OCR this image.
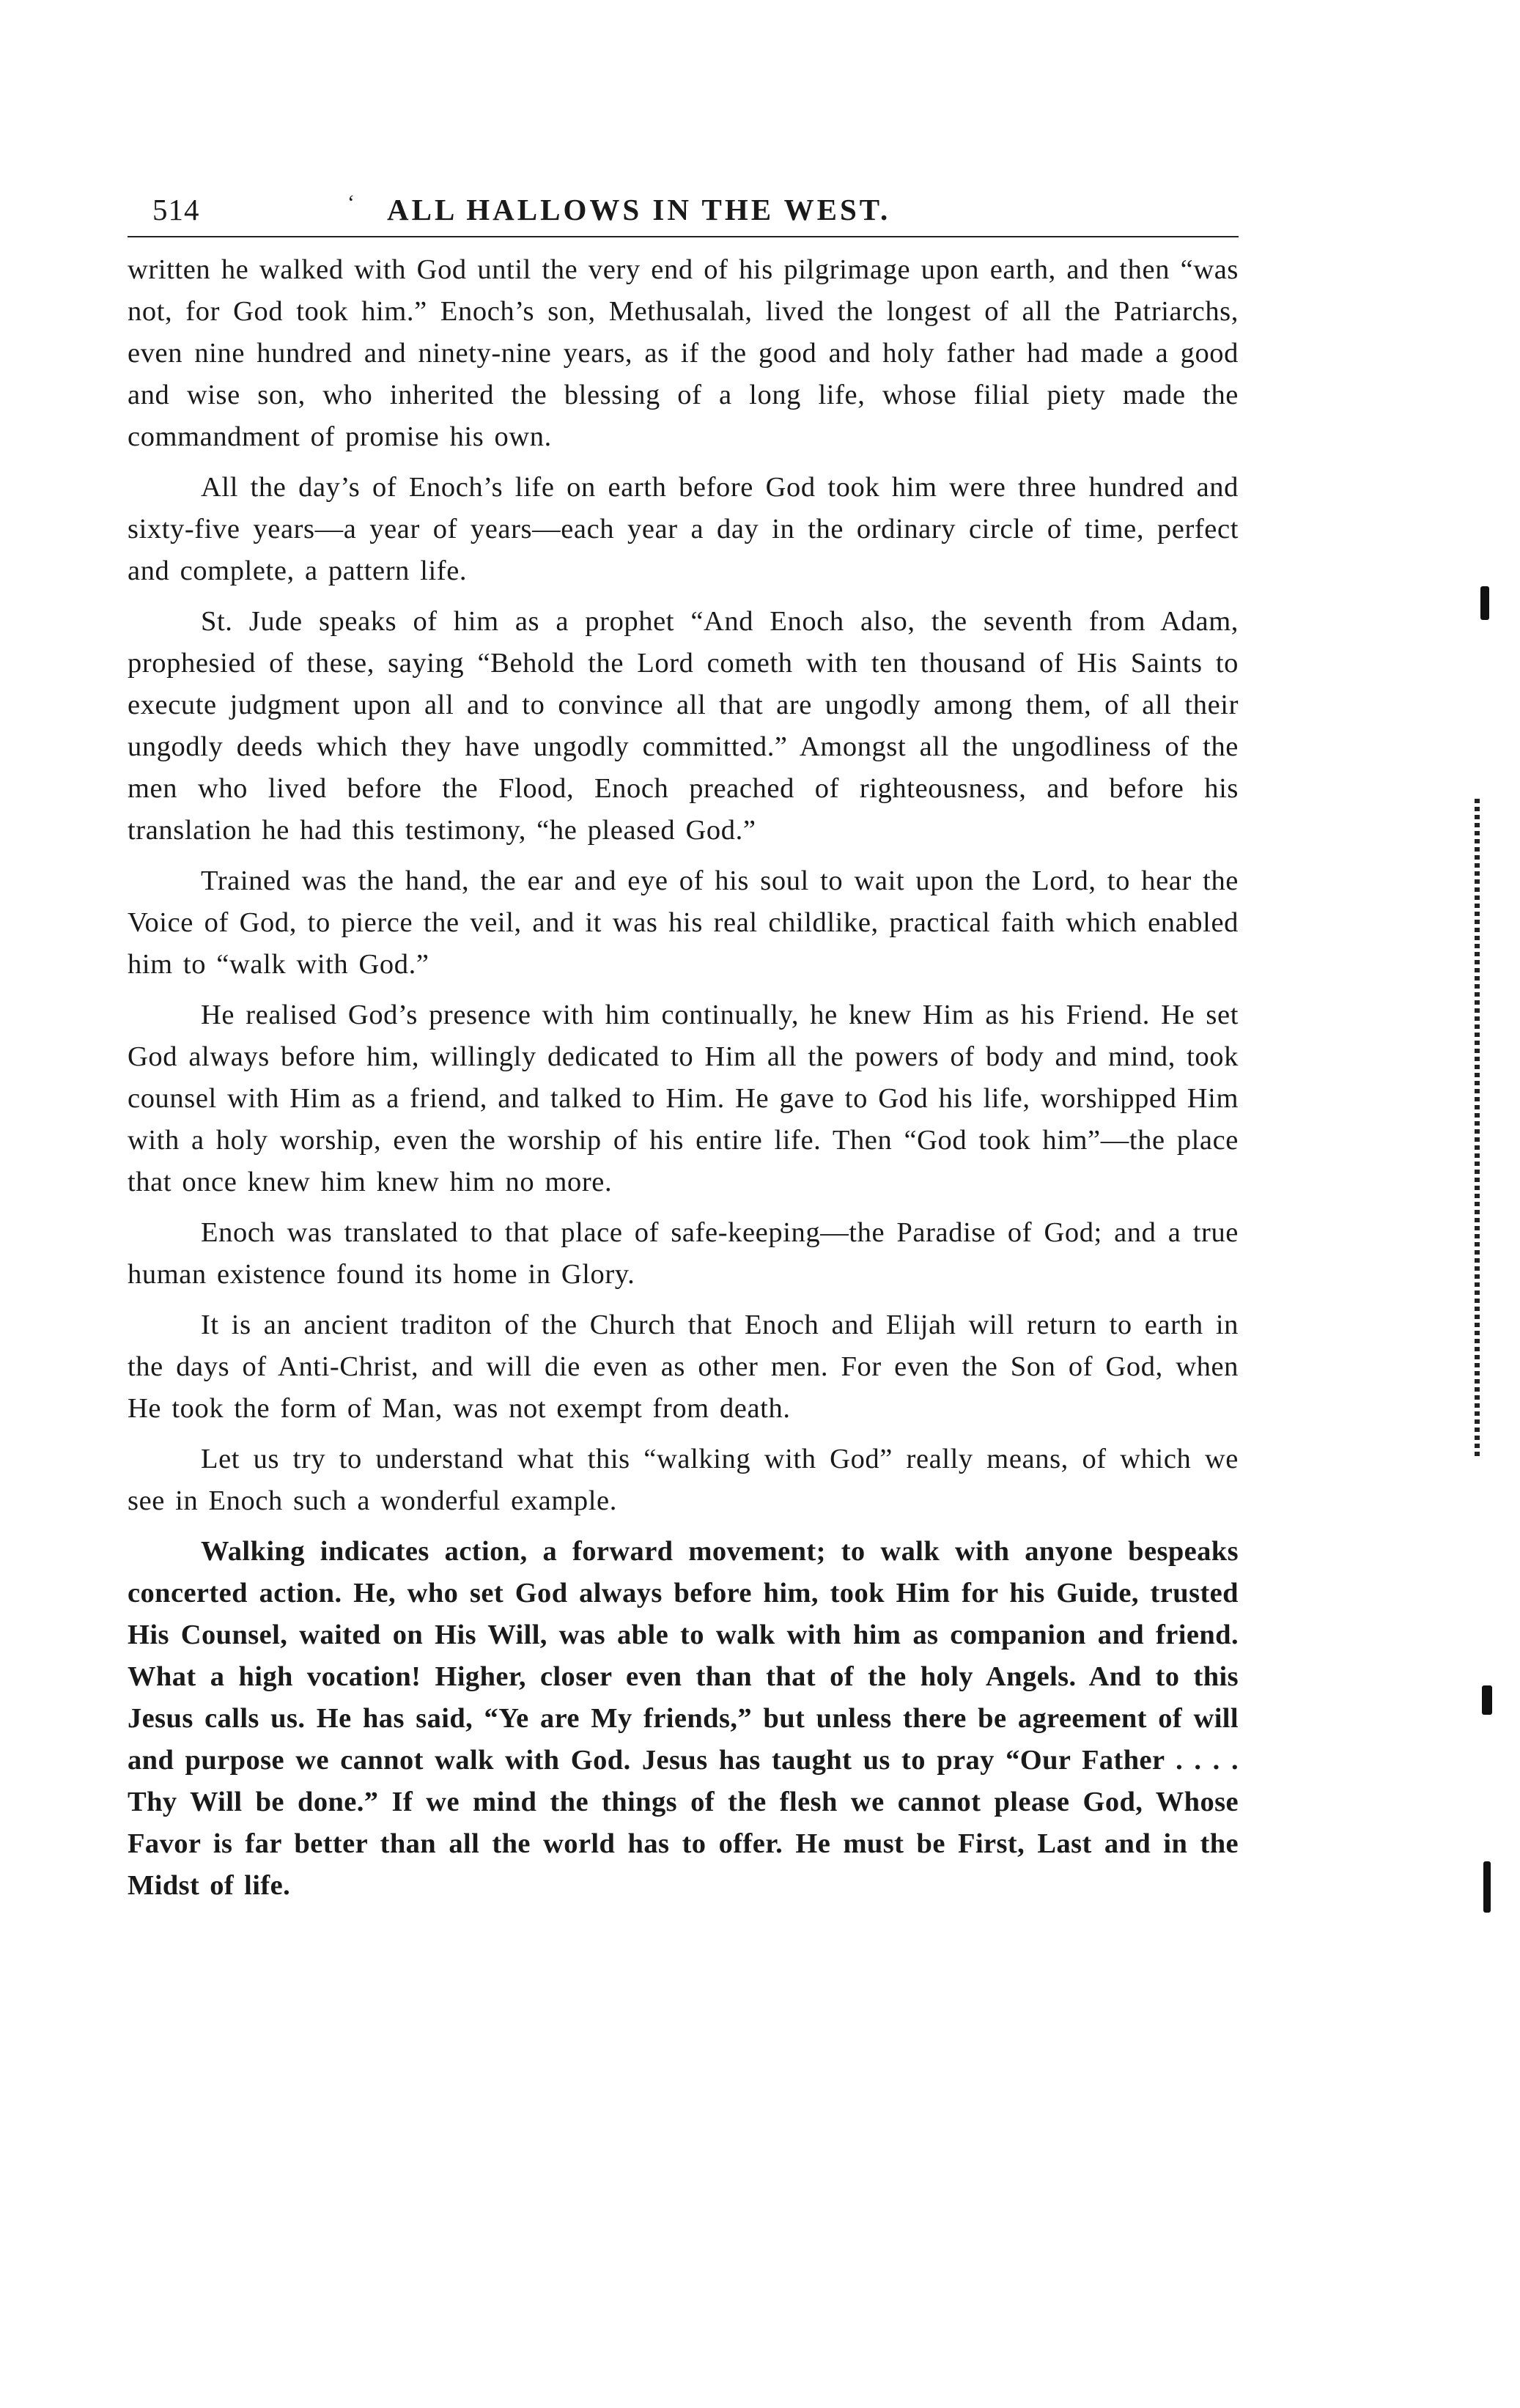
514	‘ ALL HALLOWS IN THE WEST.

written he walked with God until the very end of his pilgrimage upon earth, and then “was not, for God took him.” Enoch’s son, Methusalah, lived the longest of all the Patriarchs, even nine hundred and ninety-nine years, as if the good and holy father had made a good and wise son, who inherited the blessing of a long life, whose filial piety made the commandment of promise his own.

All the day’s of Enoch’s life on earth before God took him were three hundred and sixty-five years—a year of years—each year a day in the ordinary circle of time, perfect and complete, a pattern life.

St. Jude speaks of him as a prophet “And Enoch also, the seventh from Adam, prophesied of these, saying “Behold the Lord cometh with ten thousand of His Saints to execute judgment upon all and to convince all that are ungodly among them, of all their ungodly deeds which they have ungodly committed.” Amongst all the ungodliness of the men who lived before the Flood, Enoch preached of righteousness, and before his translation he had this testimony, “he pleased God.”

Trained was the hand, the ear and eye of his soul to wait upon the Lord, to hear the Voice of God, to pierce the veil, and it was his real childlike, practical faith which enabled him to “walk with God.”

He realised God’s presence with him continually, he knew Him as his Friend. He set God always before him, willingly dedicated to Him all the powers of body and mind, took counsel with Him as a friend, and talked to Him. He gave to God his life, worshipped Him with a holy worship, even the worship of his entire life. Then “God took him”—the place that once knew him knew him no more.

Enoch was translated to that place of safe-keeping—the Paradise of God; and a true human existence found its home in Glory.

It is an ancient traditon of the Church that Enoch and Elijah will return to earth in the days of Anti-Christ, and will die even as other men. For even the Son of God, when He took the form of Man, was not exempt from death.

Let us try to understand what this “walking with God” really means, of which we see in Enoch such a wonderful example.

Walking indicates action, a forward movement; to walk with anyone bespeaks concerted action. He, who set God always before him, took Him for his Guide, trusted His Counsel, waited on His Will, was able to walk with him as companion and friend. What a high vocation! Higher, closer even than that of the holy Angels. And to this Jesus calls us. He has said, “Ye are My friends,” but unless there be agreement of will and purpose we cannot walk with God. Jesus has taught us to pray “Our Father . . . . Thy Will be done.” If we mind the things of the flesh we cannot please God, Whose Favor is far better than all the world has to offer. He must be First, Last and in the Midst of life.
